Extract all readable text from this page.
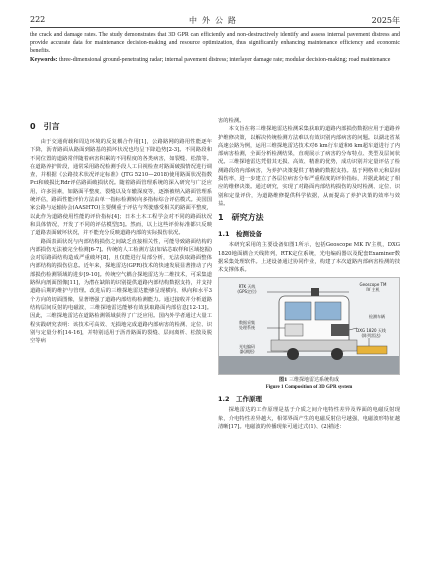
222	中外公路	2025年

the crack and damage rates. The study demonstrates that 3D GPR can efficiently and non-destructively identify and assess internal pavement distress and provide accurate data for maintenance decision-making and resource optimization, thus significantly enhancing maintenance efficiency and economic benefits.

Keywords: three-dimensional ground-penetrating radar; internal pavement distress; interlayer damage rate; modular decision-making; road maintenance

0　引言

由于交通荷载和周边环境的反复耦合作用[1]，公路路网的路用性能逐年下降，沥青路面从路面到路基的损坏状况也均呈下降趋势[2-3]。不同路段和不同位置的道路常伴随着病害积累的不同程度的各类病害，如裂缝、松散等。在道路养护阶段，通常采用路况检测手段人工目视检查对路面破损情况进行调查，并根据《公路技术状况评定标准》(JTG 5210—2018)使用路面状况指数Pci和破损比Rdr评估路面破损状况。随着路面管理系统的深入研究与广泛应用，许多因素，如路面平整度、裂缝以及车辙深度等，逐渐被纳入路面管理系统评估，路面性能评价方法由单一指标检测转向多指标综合评估模式。美国国家公路与运输协会(AASHTO)主要侧重于评估与驾驶感受相关的路面平整度，以此作为道路使用性能的评价指标[4]；日本土木工程学会对不同的路面状况和具体情况，开发了不同的评估模型[5]。然而，以上这些评价标准都只反映了道路表面破坏状况，并不能充分反映道路内部的实际损伤状况。

路面表面状况与内部结构损伤之间缺乏直接相关性，可能导致路面结构的内部损伤无法被完全检测[6-7]。传统的人工检测方法(如钻芯取样和区域挖掘)会对原路面结构造成严重破坏[8]，且仅能进行局部分析，无法获取路面整体内部结构的损伤信息。近年来，探地雷达(GPR)技术的快速发展显著推动了内部损伤检测领域的进步[9-10]。传统空气耦合探地雷达为二维技术，可采集道路纵向剖面图像[11]，为潜在缺陷的识别提供道路内部结构数据支持，并支持道路后期的维护与管理。改进后的三维探地雷达能够呈现横向、纵向和水平3个方向的切面图像，显著增强了道路内部结构检测能力。通过接收并分析道路结构层间反射的电磁波，三维探地雷达能够有效获取路面内部信息[12-13]。因此，三维探地雷达在道路检测领域获得了广泛应用。国内外学者通过大量工程实践研究表明：该技术可高效、无损地完成道路内部病害的检测、定位、识别与定量分析[14-16]，并特别适用于沥青路面的裂缝、层间离析、松散及脱空等病

害的检测。

本文旨在将三维探地雷达检测采集获取的道路内部损伤数据应用于道路养护维修决策，以解决传统检测方法难以有效识别内部病害的问题。以湖北省某高速公路为例，运用三维探地雷达技术对6 km行车道和6 km超车道进行了内部病害检测，全面分析检测结果，直观展示了病害的分布特点、类型及层间状况。三维探地雷达凭借其无损、高效、精准的优势，成功识别并定量评估了检测路段的内部病害，为养护决策提供了精确的数据支持。基于网格单元和层间损伤率，进一步建立了各层位病害分布严重程度的评价指标，并据此制定了相应的维修决策。通过研究，实现了对路面内部结构损伤的及时检测、定位、识别和定量评价，为道路维修提供科学依据，从而提高了养护决策的效率与效益。

1　研究方法
1.1　检测设备

本研究采用的主要设备如图1所示，包括Geoscope MK IV主机，DXG 1820地面耦合天线阵列，RTK定位系统，光电编码器以及配套Examiner数据采集处理软件。上述设备通过协同作业，构建了本次道路内部病害检测的技术支撑体系。

RTK 天线
(GPS定位)
Geoscope TM
IV 主机
数据采集
处理系统
光电编码
器(测距)
DXG 1820 天线
(阵列雷达)
检测车辆

图1 三维探地雷达系统构成

Figure 1 Composition of 3D GPR system

1.2　工作原理

探地雷达的工作原理是基于介质之间介电特性差异及界面的电磁反射现象，介电特性差异越大，相邻界面产生的电磁反射信号越强，电磁波形特征越清晰[17]。电磁波的传播现象可通过式(1)、(2)描述：
